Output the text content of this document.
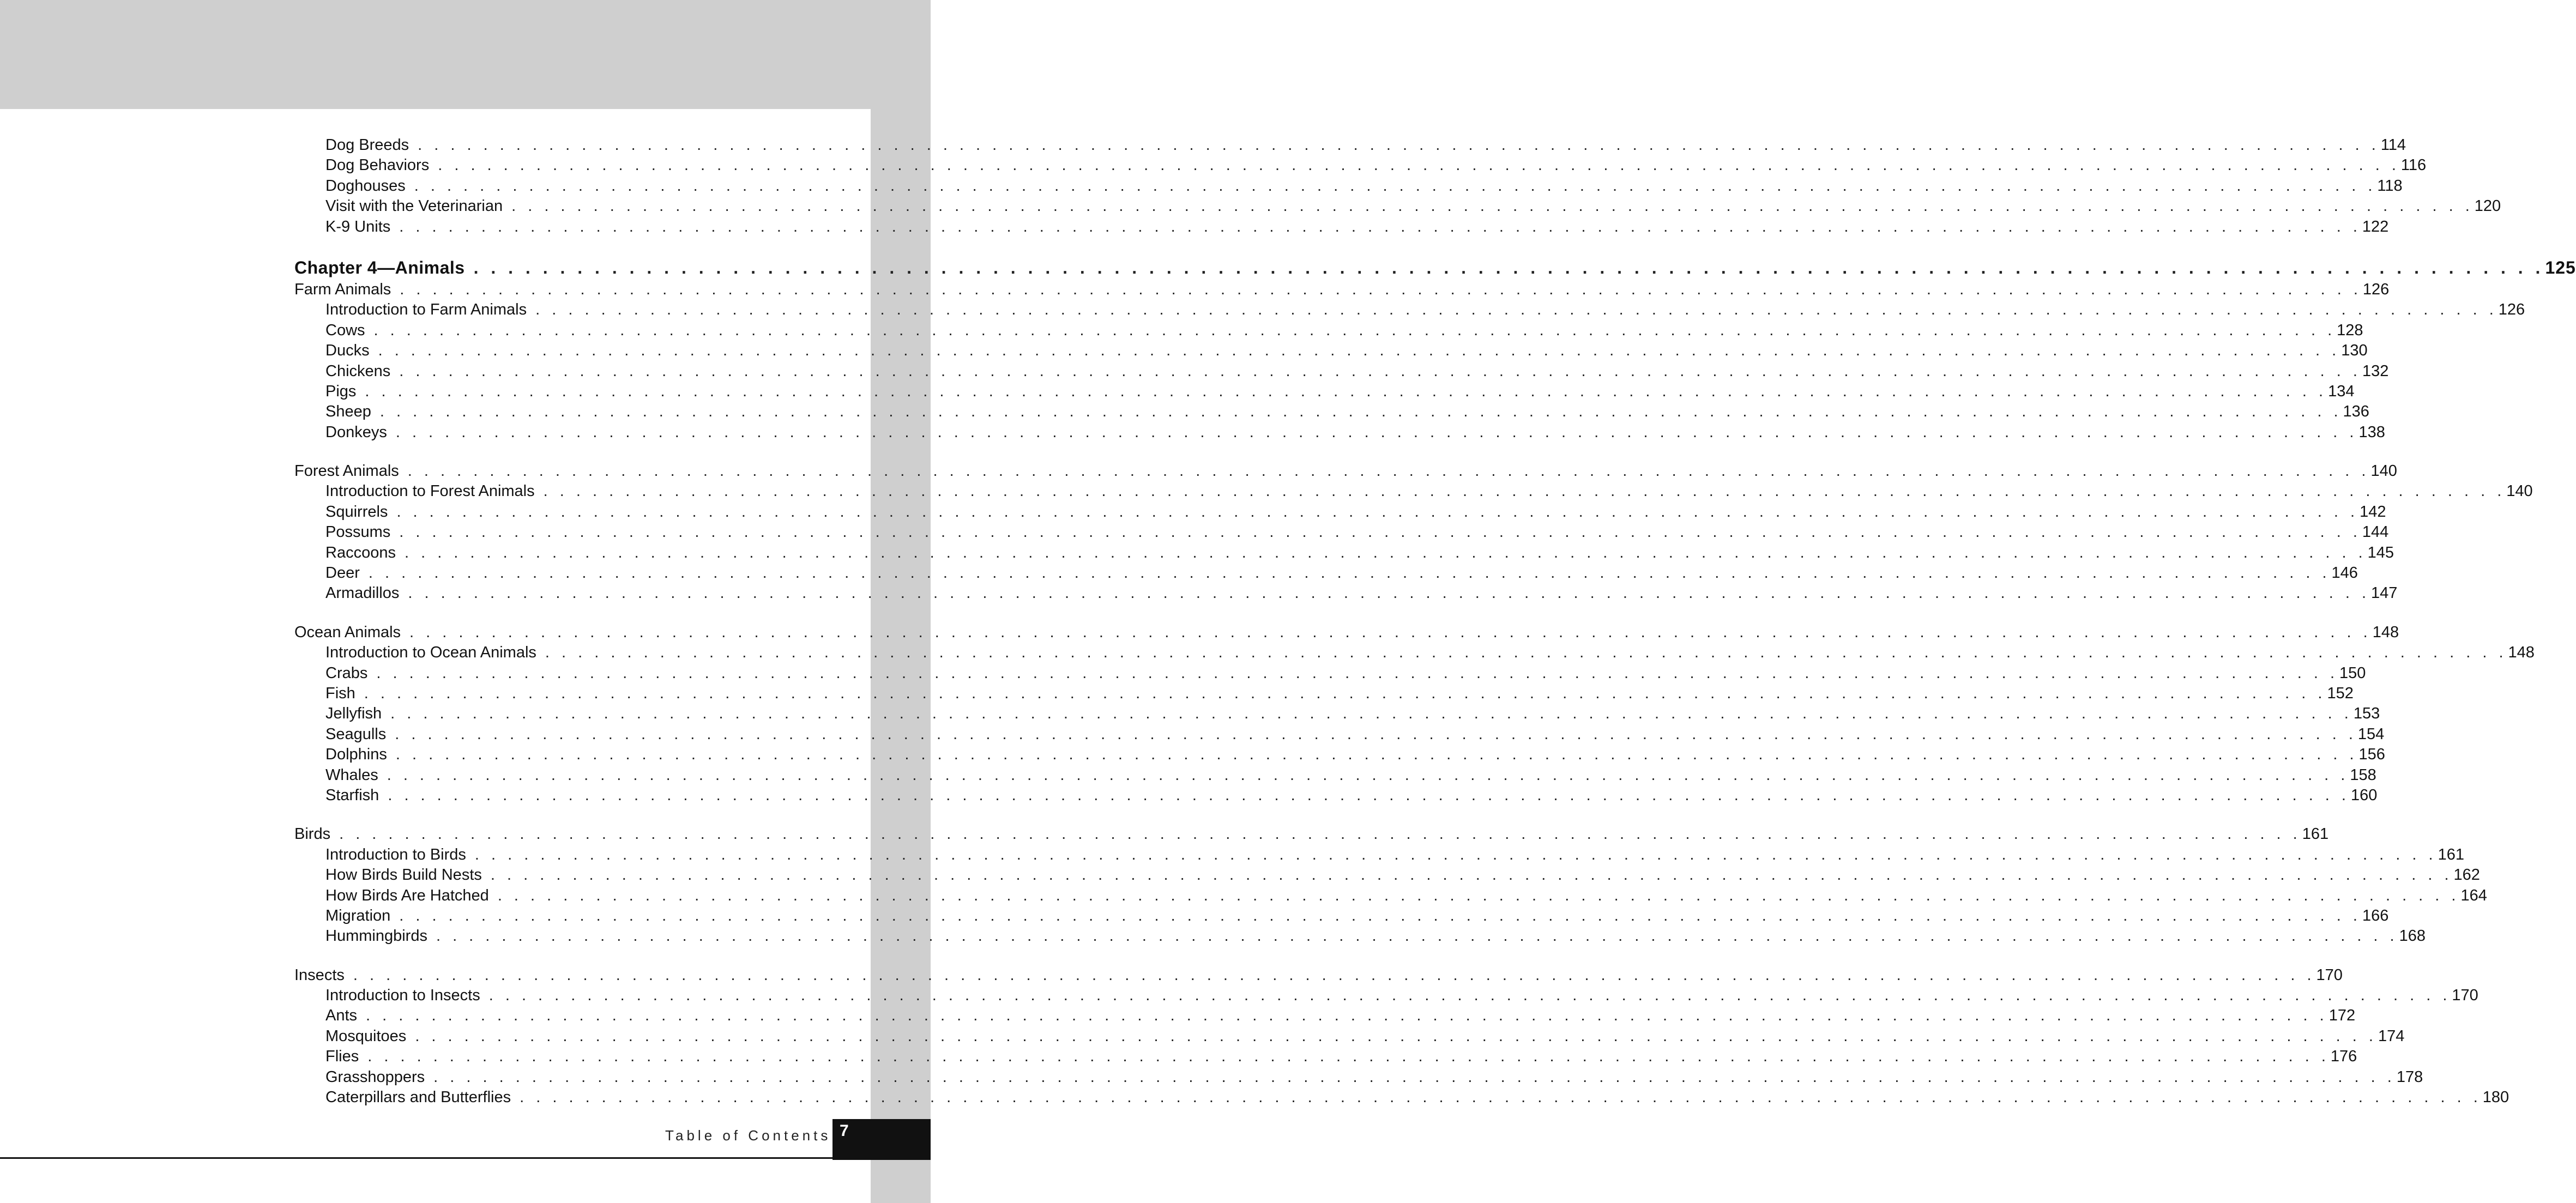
Dog Breeds . . . . . . . . . . . . . . . . . . . . . . . . . . . . . . . . . . . . . . . . . . . . . . . . . . . . . . . . . . . . . . . . . . . . . . . . . . . . . . . . . . . . . . . . . . . . . . . . . . . . . . . . . . . . . . . . . . . . . . . . 114
Dog Behaviors . . . . . . . . . . . . . . . . . . . . . . . . . . . . . . . . . . . . . . . . . . . . . . . . . . . . . . . . . . . . . . . . . . . . . . . . . . . . . . . . . . . . . . . . . . . . . . . . . . . . . . . . . . . . . . . . . . . . . . . . 116
Doghouses . . . . . . . . . . . . . . . . . . . . . . . . . . . . . . . . . . . . . . . . . . . . . . . . . . . . . . . . . . . . . . . . . . . . . . . . . . . . . . . . . . . . . . . . . . . . . . . . . . . . . . . . . . . . . . . . . . . . . . . . 118
Visit with the Veterinarian . . . . . . . . . . . . . . . . . . . . . . . . . . . . . . . . . . . . . . . . . . . . . . . . . . . . . . . . . . . . . . . . . . . . . . . . . . . . . . . . . . . . . . . . . . . . . . . . . . . . . . . . . . . . . . . . . . . . . . . . 120
K-9 Units . . . . . . . . . . . . . . . . . . . . . . . . . . . . . . . . . . . . . . . . . . . . . . . . . . . . . . . . . . . . . . . . . . . . . . . . . . . . . . . . . . . . . . . . . . . . . . . . . . . . . . . . . . . . . . . . . . . . . . . . 122
Chapter 4—Animals . . . . . . . . . . . . . . . . . . . . . . . . . . . . . . . . . . . . . . . . . . . . . . . . . . . . . . . . . . . . . . . . . . . . . . . . . . . . . . . . . . . . . . . . . . . . . . . . . . . . . . . . . . . . . . . . . . . . . . . . 125
Farm Animals . . . . . . . . . . . . . . . . . . . . . . . . . . . . . . . . . . . . . . . . . . . . . . . . . . . . . . . . . . . . . . . . . . . . . . . . . . . . . . . . . . . . . . . . . . . . . . . . . . . . . . . . . . . . . . . . . . . . . . . . 126
Introduction to Farm Animals . . . . . . . . . . . . . . . . . . . . . . . . . . . . . . . . . . . . . . . . . . . . . . . . . . . . . . . . . . . . . . . . . . . . . . . . . . . . . . . . . . . . . . . . . . . . . . . . . . . . . . . . . . . . . . . . . . . . . . . . 126
Cows . . . . . . . . . . . . . . . . . . . . . . . . . . . . . . . . . . . . . . . . . . . . . . . . . . . . . . . . . . . . . . . . . . . . . . . . . . . . . . . . . . . . . . . . . . . . . . . . . . . . . . . . . . . . . . . . . . . . . . . . 128
Ducks . . . . . . . . . . . . . . . . . . . . . . . . . . . . . . . . . . . . . . . . . . . . . . . . . . . . . . . . . . . . . . . . . . . . . . . . . . . . . . . . . . . . . . . . . . . . . . . . . . . . . . . . . . . . . . . . . . . . . . . . 130
Chickens . . . . . . . . . . . . . . . . . . . . . . . . . . . . . . . . . . . . . . . . . . . . . . . . . . . . . . . . . . . . . . . . . . . . . . . . . . . . . . . . . . . . . . . . . . . . . . . . . . . . . . . . . . . . . . . . . . . . . . . . 132
Pigs . . . . . . . . . . . . . . . . . . . . . . . . . . . . . . . . . . . . . . . . . . . . . . . . . . . . . . . . . . . . . . . . . . . . . . . . . . . . . . . . . . . . . . . . . . . . . . . . . . . . . . . . . . . . . . . . . . . . . . . . 134
Sheep . . . . . . . . . . . . . . . . . . . . . . . . . . . . . . . . . . . . . . . . . . . . . . . . . . . . . . . . . . . . . . . . . . . . . . . . . . . . . . . . . . . . . . . . . . . . . . . . . . . . . . . . . . . . . . . . . . . . . . . . 136
Donkeys . . . . . . . . . . . . . . . . . . . . . . . . . . . . . . . . . . . . . . . . . . . . . . . . . . . . . . . . . . . . . . . . . . . . . . . . . . . . . . . . . . . . . . . . . . . . . . . . . . . . . . . . . . . . . . . . . . . . . . . . 138
Forest Animals . . . . . . . . . . . . . . . . . . . . . . . . . . . . . . . . . . . . . . . . . . . . . . . . . . . . . . . . . . . . . . . . . . . . . . . . . . . . . . . . . . . . . . . . . . . . . . . . . . . . . . . . . . . . . . . . . . . . . . . . 140
Introduction to Forest Animals . . . . . . . . . . . . . . . . . . . . . . . . . . . . . . . . . . . . . . . . . . . . . . . . . . . . . . . . . . . . . . . . . . . . . . . . . . . . . . . . . . . . . . . . . . . . . . . . . . . . . . . . . . . . . . . . . . . . . . . . 140
Squirrels . . . . . . . . . . . . . . . . . . . . . . . . . . . . . . . . . . . . . . . . . . . . . . . . . . . . . . . . . . . . . . . . . . . . . . . . . . . . . . . . . . . . . . . . . . . . . . . . . . . . . . . . . . . . . . . . . . . . . . . . 142
Possums . . . . . . . . . . . . . . . . . . . . . . . . . . . . . . . . . . . . . . . . . . . . . . . . . . . . . . . . . . . . . . . . . . . . . . . . . . . . . . . . . . . . . . . . . . . . . . . . . . . . . . . . . . . . . . . . . . . . . . . . 144
Raccoons . . . . . . . . . . . . . . . . . . . . . . . . . . . . . . . . . . . . . . . . . . . . . . . . . . . . . . . . . . . . . . . . . . . . . . . . . . . . . . . . . . . . . . . . . . . . . . . . . . . . . . . . . . . . . . . . . . . . . . . . 145
Deer . . . . . . . . . . . . . . . . . . . . . . . . . . . . . . . . . . . . . . . . . . . . . . . . . . . . . . . . . . . . . . . . . . . . . . . . . . . . . . . . . . . . . . . . . . . . . . . . . . . . . . . . . . . . . . . . . . . . . . . . 146
Armadillos . . . . . . . . . . . . . . . . . . . . . . . . . . . . . . . . . . . . . . . . . . . . . . . . . . . . . . . . . . . . . . . . . . . . . . . . . . . . . . . . . . . . . . . . . . . . . . . . . . . . . . . . . . . . . . . . . . . . . . . . 147
Ocean Animals . . . . . . . . . . . . . . . . . . . . . . . . . . . . . . . . . . . . . . . . . . . . . . . . . . . . . . . . . . . . . . . . . . . . . . . . . . . . . . . . . . . . . . . . . . . . . . . . . . . . . . . . . . . . . . . . . . . . . . . . 148
Introduction to Ocean Animals . . . . . . . . . . . . . . . . . . . . . . . . . . . . . . . . . . . . . . . . . . . . . . . . . . . . . . . . . . . . . . . . . . . . . . . . . . . . . . . . . . . . . . . . . . . . . . . . . . . . . . . . . . . . . . . . . . . . . . . . 148
Crabs . . . . . . . . . . . . . . . . . . . . . . . . . . . . . . . . . . . . . . . . . . . . . . . . . . . . . . . . . . . . . . . . . . . . . . . . . . . . . . . . . . . . . . . . . . . . . . . . . . . . . . . . . . . . . . . . . . . . . . . . 150
Fish . . . . . . . . . . . . . . . . . . . . . . . . . . . . . . . . . . . . . . . . . . . . . . . . . . . . . . . . . . . . . . . . . . . . . . . . . . . . . . . . . . . . . . . . . . . . . . . . . . . . . . . . . . . . . . . . . . . . . . . . 152
Jellyfish . . . . . . . . . . . . . . . . . . . . . . . . . . . . . . . . . . . . . . . . . . . . . . . . . . . . . . . . . . . . . . . . . . . . . . . . . . . . . . . . . . . . . . . . . . . . . . . . . . . . . . . . . . . . . . . . . . . . . . . . 153
Seagulls . . . . . . . . . . . . . . . . . . . . . . . . . . . . . . . . . . . . . . . . . . . . . . . . . . . . . . . . . . . . . . . . . . . . . . . . . . . . . . . . . . . . . . . . . . . . . . . . . . . . . . . . . . . . . . . . . . . . . . . . 154
Dolphins . . . . . . . . . . . . . . . . . . . . . . . . . . . . . . . . . . . . . . . . . . . . . . . . . . . . . . . . . . . . . . . . . . . . . . . . . . . . . . . . . . . . . . . . . . . . . . . . . . . . . . . . . . . . . . . . . . . . . . . . 156
Whales . . . . . . . . . . . . . . . . . . . . . . . . . . . . . . . . . . . . . . . . . . . . . . . . . . . . . . . . . . . . . . . . . . . . . . . . . . . . . . . . . . . . . . . . . . . . . . . . . . . . . . . . . . . . . . . . . . . . . . . . 158
Starfish . . . . . . . . . . . . . . . . . . . . . . . . . . . . . . . . . . . . . . . . . . . . . . . . . . . . . . . . . . . . . . . . . . . . . . . . . . . . . . . . . . . . . . . . . . . . . . . . . . . . . . . . . . . . . . . . . . . . . . . . 160
Birds . . . . . . . . . . . . . . . . . . . . . . . . . . . . . . . . . . . . . . . . . . . . . . . . . . . . . . . . . . . . . . . . . . . . . . . . . . . . . . . . . . . . . . . . . . . . . . . . . . . . . . . . . . . . . . . . . . . . . . . . 161
Introduction to Birds . . . . . . . . . . . . . . . . . . . . . . . . . . . . . . . . . . . . . . . . . . . . . . . . . . . . . . . . . . . . . . . . . . . . . . . . . . . . . . . . . . . . . . . . . . . . . . . . . . . . . . . . . . . . . . . . . . . . . . . . 161
How Birds Build Nests . . . . . . . . . . . . . . . . . . . . . . . . . . . . . . . . . . . . . . . . . . . . . . . . . . . . . . . . . . . . . . . . . . . . . . . . . . . . . . . . . . . . . . . . . . . . . . . . . . . . . . . . . . . . . . . . . . . . . . . . 162
How Birds Are Hatched . . . . . . . . . . . . . . . . . . . . . . . . . . . . . . . . . . . . . . . . . . . . . . . . . . . . . . . . . . . . . . . . . . . . . . . . . . . . . . . . . . . . . . . . . . . . . . . . . . . . . . . . . . . . . . . . . . . . . . . . 164
Migration . . . . . . . . . . . . . . . . . . . . . . . . . . . . . . . . . . . . . . . . . . . . . . . . . . . . . . . . . . . . . . . . . . . . . . . . . . . . . . . . . . . . . . . . . . . . . . . . . . . . . . . . . . . . . . . . . . . . . . . . 166
Hummingbirds . . . . . . . . . . . . . . . . . . . . . . . . . . . . . . . . . . . . . . . . . . . . . . . . . . . . . . . . . . . . . . . . . . . . . . . . . . . . . . . . . . . . . . . . . . . . . . . . . . . . . . . . . . . . . . . . . . . . . . . . 168
Insects . . . . . . . . . . . . . . . . . . . . . . . . . . . . . . . . . . . . . . . . . . . . . . . . . . . . . . . . . . . . . . . . . . . . . . . . . . . . . . . . . . . . . . . . . . . . . . . . . . . . . . . . . . . . . . . . . . . . . . . . 170
Introduction to Insects . . . . . . . . . . . . . . . . . . . . . . . . . . . . . . . . . . . . . . . . . . . . . . . . . . . . . . . . . . . . . . . . . . . . . . . . . . . . . . . . . . . . . . . . . . . . . . . . . . . . . . . . . . . . . . . . . . . . . . . . 170
Ants . . . . . . . . . . . . . . . . . . . . . . . . . . . . . . . . . . . . . . . . . . . . . . . . . . . . . . . . . . . . . . . . . . . . . . . . . . . . . . . . . . . . . . . . . . . . . . . . . . . . . . . . . . . . . . . . . . . . . . . . 172
Mosquitoes . . . . . . . . . . . . . . . . . . . . . . . . . . . . . . . . . . . . . . . . . . . . . . . . . . . . . . . . . . . . . . . . . . . . . . . . . . . . . . . . . . . . . . . . . . . . . . . . . . . . . . . . . . . . . . . . . . . . . . . . 174
Flies . . . . . . . . . . . . . . . . . . . . . . . . . . . . . . . . . . . . . . . . . . . . . . . . . . . . . . . . . . . . . . . . . . . . . . . . . . . . . . . . . . . . . . . . . . . . . . . . . . . . . . . . . . . . . . . . . . . . . . . . 176
Grasshoppers . . . . . . . . . . . . . . . . . . . . . . . . . . . . . . . . . . . . . . . . . . . . . . . . . . . . . . . . . . . . . . . . . . . . . . . . . . . . . . . . . . . . . . . . . . . . . . . . . . . . . . . . . . . . . . . . . . . . . . . . 178
Caterpillars and Butterflies . . . . . . . . . . . . . . . . . . . . . . . . . . . . . . . . . . . . . . . . . . . . . . . . . . . . . . . . . . . . . . . . . . . . . . . . . . . . . . . . . . . . . . . . . . . . . . . . . . . . . . . . . . . . . . . . . . . . . . . . 180
Table of Contents 7
